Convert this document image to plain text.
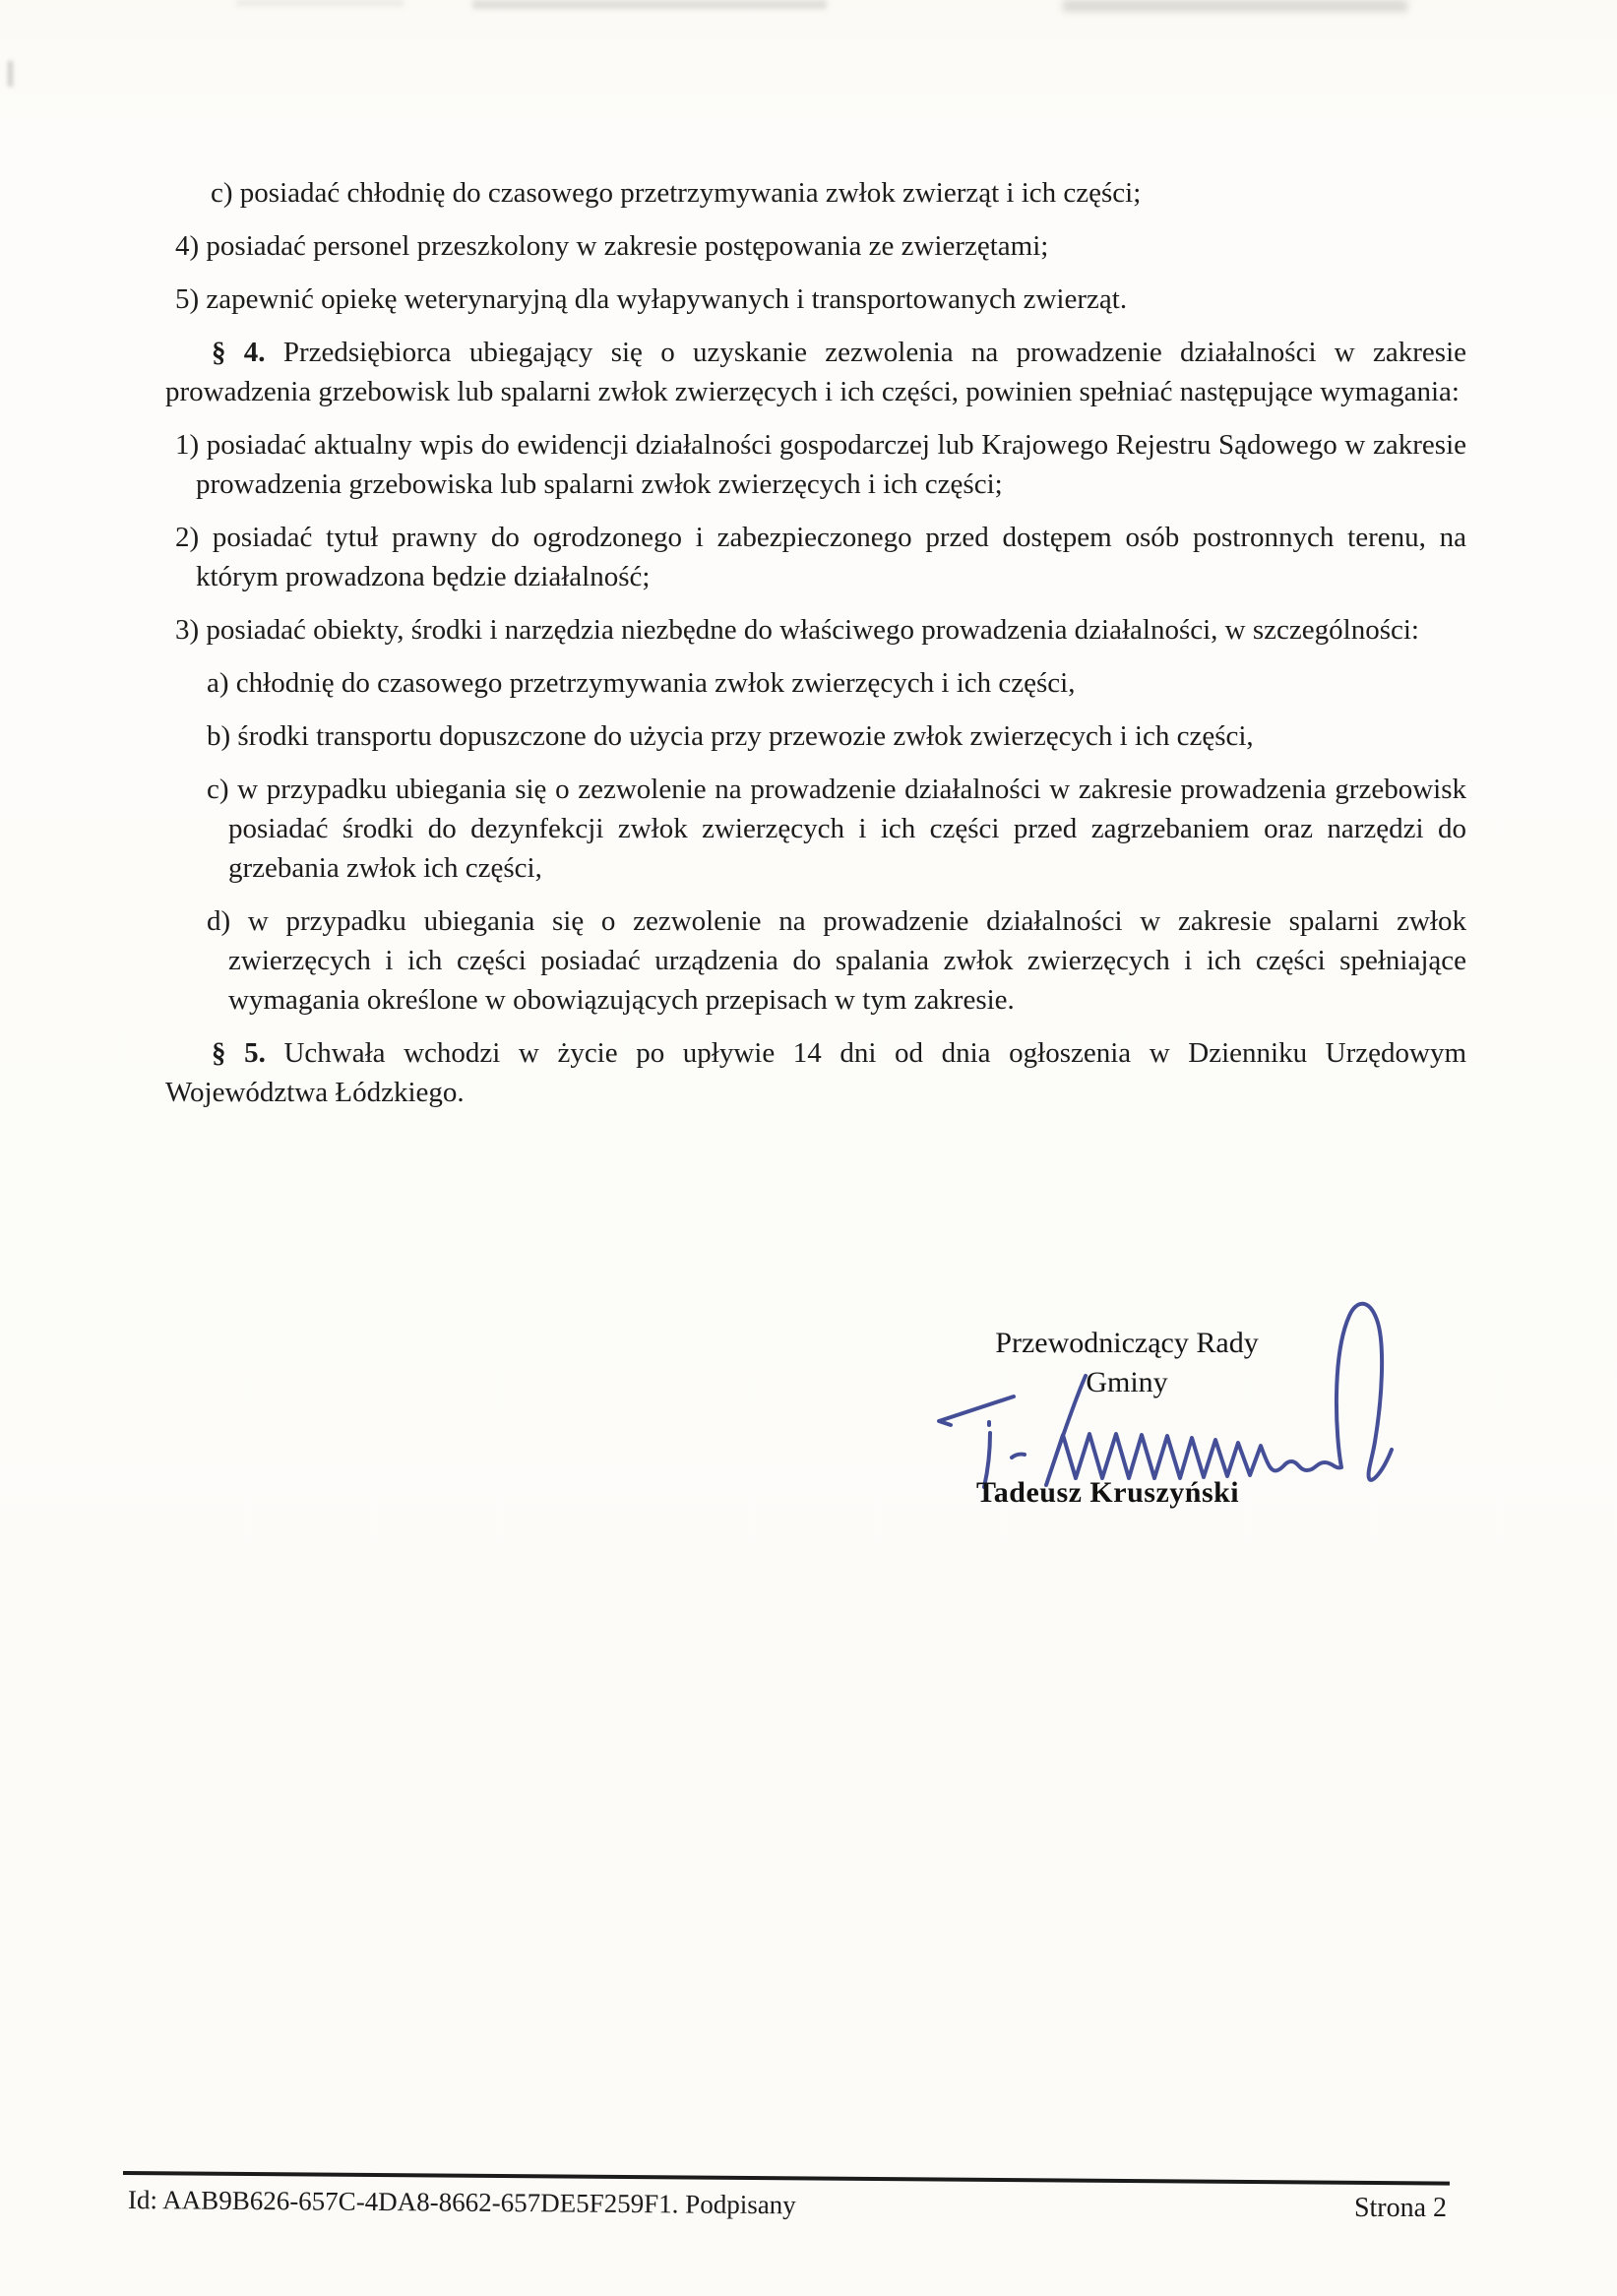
c) posiadać chłodnię do czasowego przetrzymywania zwłok zwierząt i ich części;

4) posiadać personel przeszkolony w zakresie postępowania ze zwierzętami;

5) zapewnić opiekę weterynaryjną dla wyłapywanych i transportowanych zwierząt.

§ 4. Przedsiębiorca ubiegający się o uzyskanie zezwolenia na prowadzenie działalności w zakresie prowadzenia grzebowisk lub spalarni zwłok zwierzęcych i ich części, powinien spełniać następujące wymagania:

1) posiadać aktualny wpis do ewidencji działalności gospodarczej lub Krajowego Rejestru Sądowego w zakresie prowadzenia grzebowiska lub spalarni zwłok zwierzęcych i ich części;

2) posiadać tytuł prawny do ogrodzonego i zabezpieczonego przed dostępem osób postronnych terenu, na którym prowadzona będzie działalność;

3) posiadać obiekty, środki i narzędzia niezbędne do właściwego prowadzenia działalności, w szczególności:

a) chłodnię do czasowego przetrzymywania zwłok zwierzęcych i ich części,

b) środki transportu dopuszczone do użycia przy przewozie zwłok zwierzęcych i ich części,

c) w przypadku ubiegania się o zezwolenie na prowadzenie działalności w zakresie prowadzenia grzebowisk posiadać środki do dezynfekcji zwłok zwierzęcych i ich części przed zagrzebaniem oraz narzędzi do grzebania zwłok ich części,

d) w przypadku ubiegania się o zezwolenie na prowadzenie działalności w zakresie spalarni zwłok zwierzęcych i ich części posiadać urządzenia do spalania zwłok zwierzęcych i ich części spełniające wymagania określone w obowiązujących przepisach w tym zakresie.

§ 5. Uchwała wchodzi w życie po upływie 14 dni od dnia ogłoszenia w Dzienniku Urzędowym Województwa Łódzkiego.

Przewodniczący Rady
Gminy
Tadeusz Kruszyński
Id: AAB9B626-657C-4DA8-8662-657DE5F259F1. Podpisany	Strona 2
